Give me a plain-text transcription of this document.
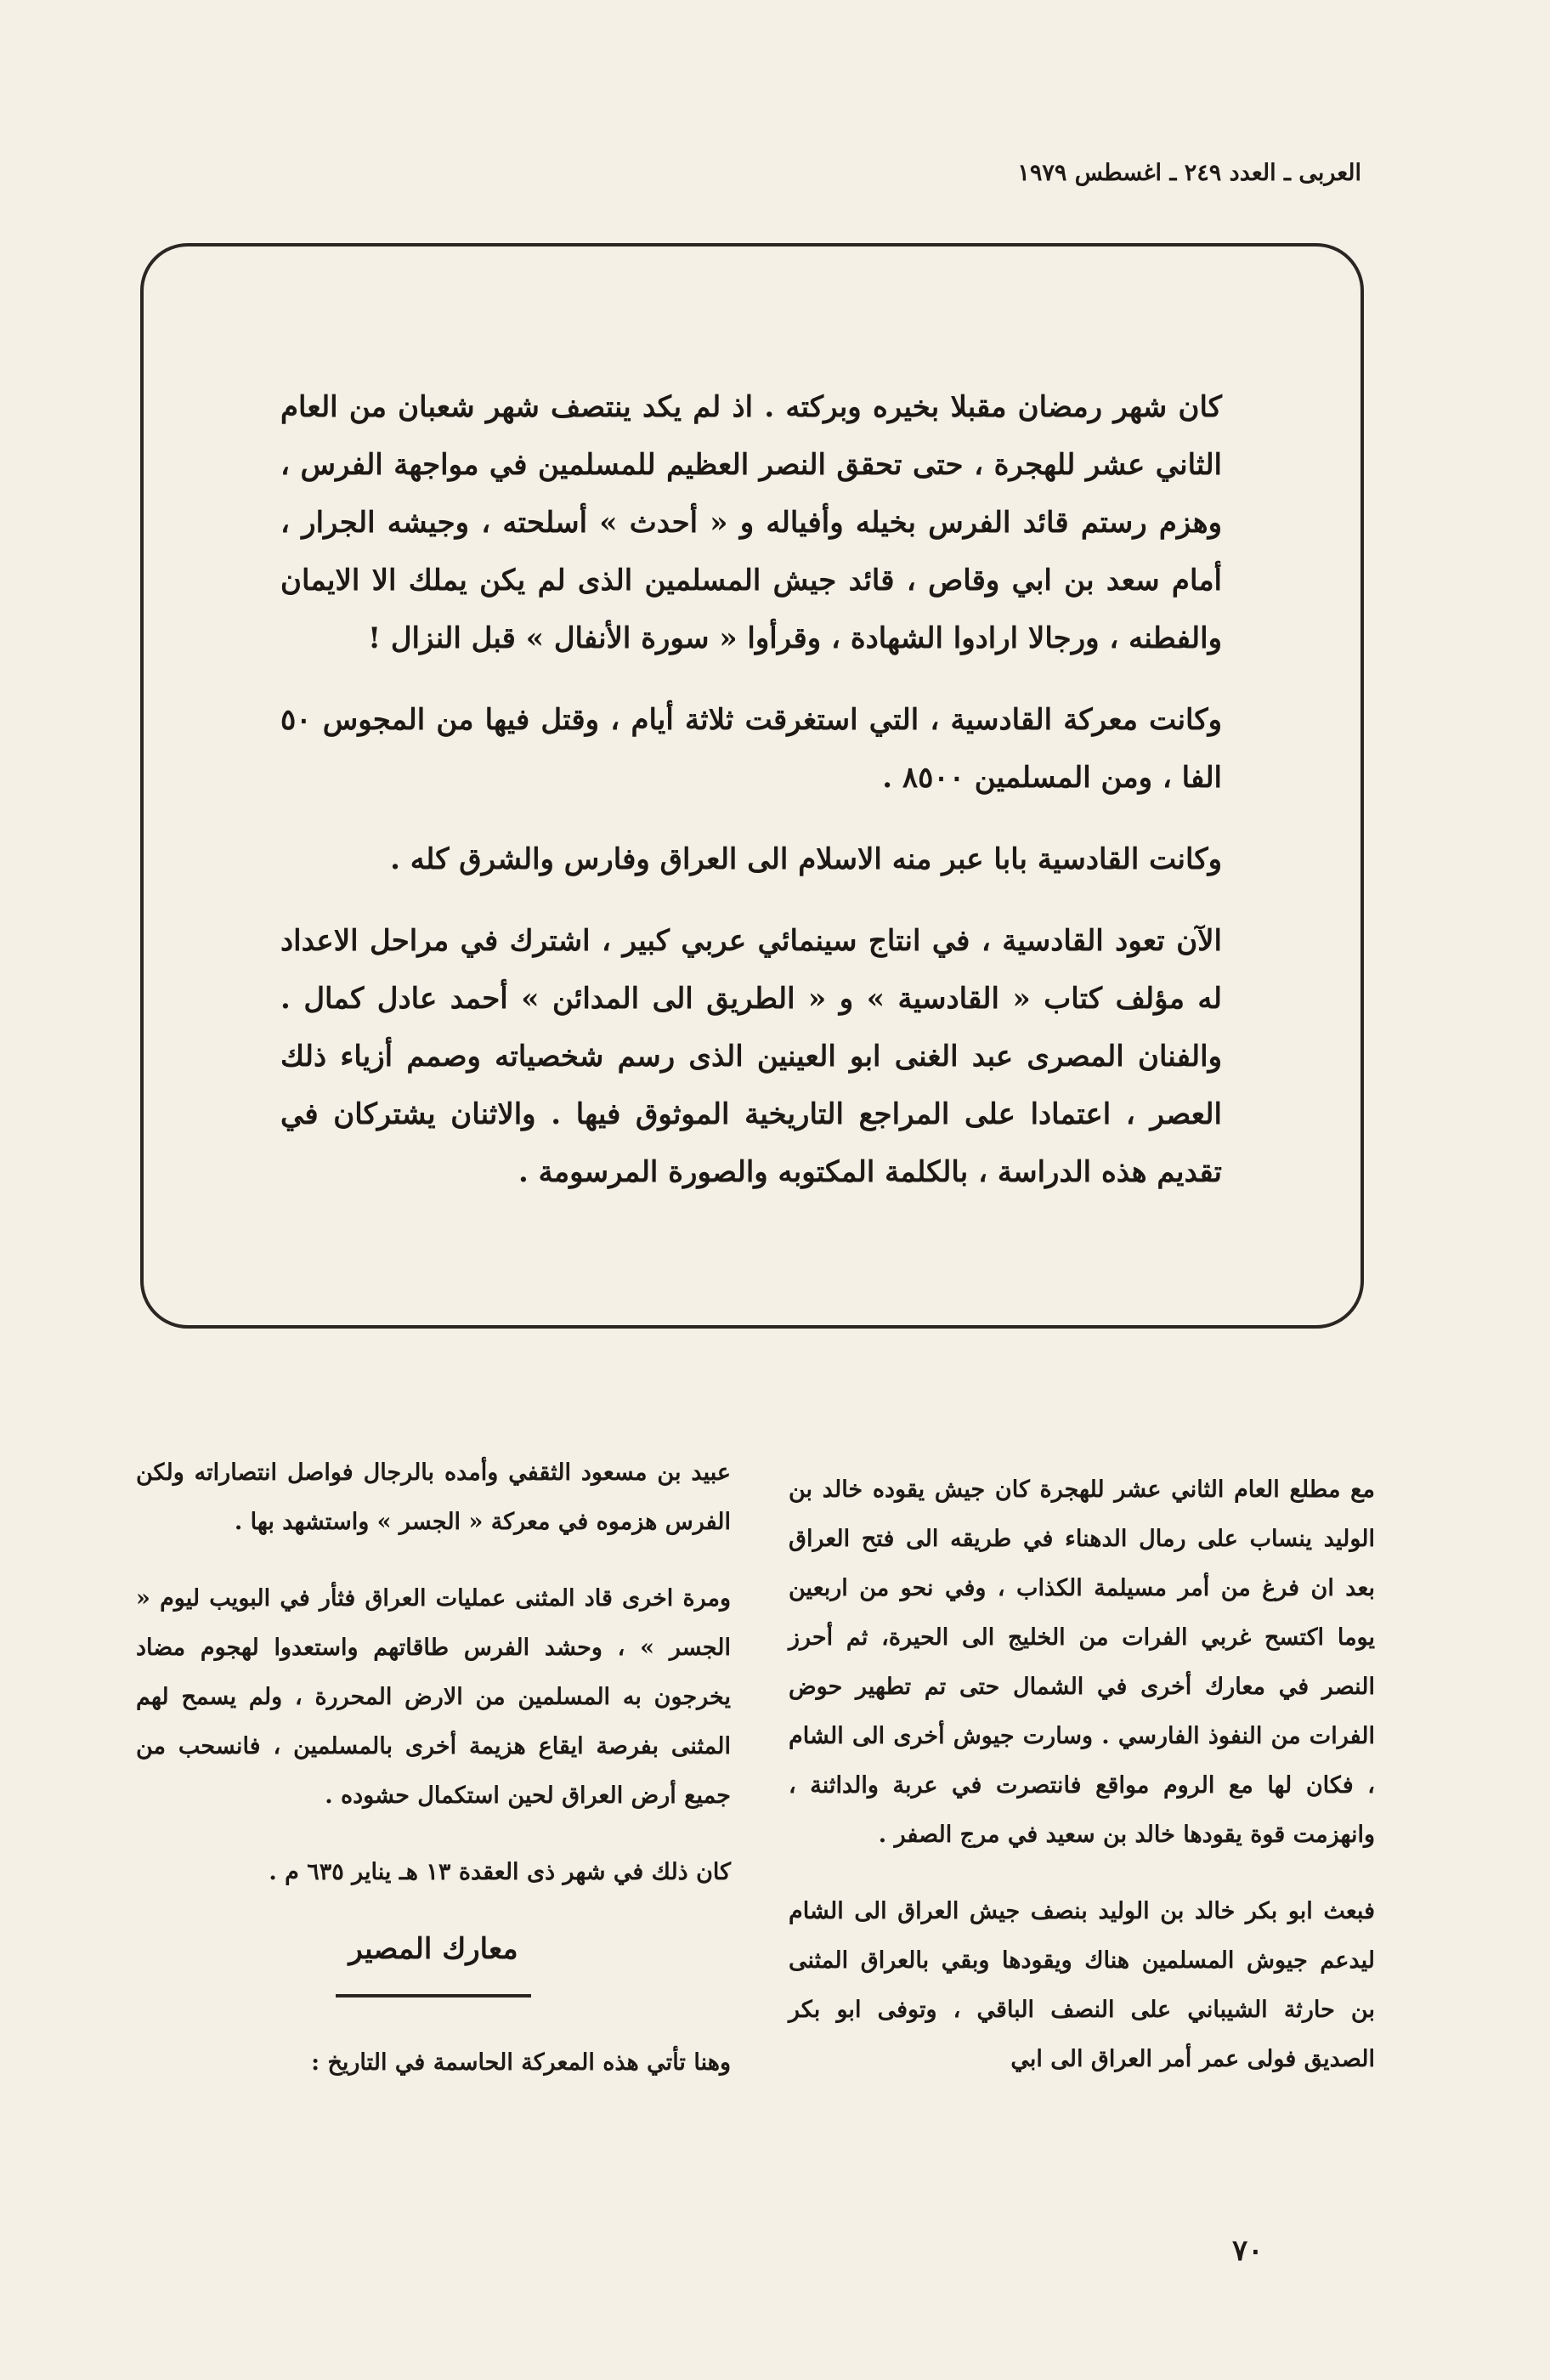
العربى ـ العدد ٢٤٩ ـ اغسطس ١٩٧٩

كان شهر رمضان مقبلا بخيره وبركته . اذ لم يكد ينتصف شهر شعبان من العام الثاني عشر للهجرة ، حتى تحقق النصر العظيم للمسلمين في مواجهة الفرس ، وهزم رستم قائد الفرس بخيله وأفياله و « أحدث » أسلحته ، وجيشه الجرار ، أمام سعد بن ابي وقاص ، قائد جيش المسلمين الذى لم يكن يملك الا الايمان والفطنه ، ورجالا ارادوا الشهادة ، وقرأوا « سورة الأنفال » قبل النزال !

وكانت معركة القادسية ، التي استغرقت ثلاثة أيام ، وقتل فيها من المجوس ٥٠ الفا ، ومن المسلمين ٨٥٠٠ .

وكانت القادسية بابا عبر منه الاسلام الى العراق وفارس والشرق كله .

الآن تعود القادسية ، في انتاج سينمائي عربي كبير ، اشترك في مراحل الاعداد له مؤلف كتاب « القادسية » و « الطريق الى المدائن » أحمد عادل كمال . والفنان المصرى عبد الغنى ابو العينين الذى رسم شخصياته وصمم أزياء ذلك العصر ، اعتمادا على المراجع التاريخية الموثوق فيها . والاثنان يشتركان في تقديم هذه الدراسة ، بالكلمة المكتوبه والصورة المرسومة .

مع مطلع العام الثاني عشر للهجرة كان جيش يقوده خالد بن الوليد ينساب على رمال الدهناء في طريقه الى فتح العراق بعد ان فرغ من أمر مسيلمة الكذاب ، وفي نحو من اربعين يوما اكتسح غربي الفرات من الخليج الى الحيرة، ثم أحرز النصر في معارك أخرى في الشمال حتى تم تطهير حوض الفرات من النفوذ الفارسي . وسارت جيوش أخرى الى الشام ، فكان لها مع الروم مواقع فانتصرت في عربة والداثنة ، وانهزمت قوة يقودها خالد بن سعيد في مرج الصفر .

فبعث ابو بكر خالد بن الوليد بنصف جيش العراق الى الشام ليدعم جيوش المسلمين هناك ويقودها وبقي بالعراق المثنى بن حارثة الشيباني على النصف الباقي ، وتوفى ابو بكر الصديق فولى عمر أمر العراق الى ابي

عبيد بن مسعود الثقفي وأمده بالرجال فواصل انتصاراته ولكن الفرس هزموه في معركة « الجسر » واستشهد بها .

ومرة اخرى قاد المثنى عمليات العراق فثأر في البويب ليوم « الجسر » ، وحشد الفرس طاقاتهم واستعدوا لهجوم مضاد يخرجون به المسلمين من الارض المحررة ، ولم يسمح لهم المثنى بفرصة ايقاع هزيمة أخرى بالمسلمين ، فانسحب من جميع أرض العراق لحين استكمال حشوده .

كان ذلك في شهر ذى العقدة ١٣ هـ يناير ٦٣٥ م .

معارك المصير

وهنا تأتي هذه المعركة الحاسمة في التاريخ :

٧٠
